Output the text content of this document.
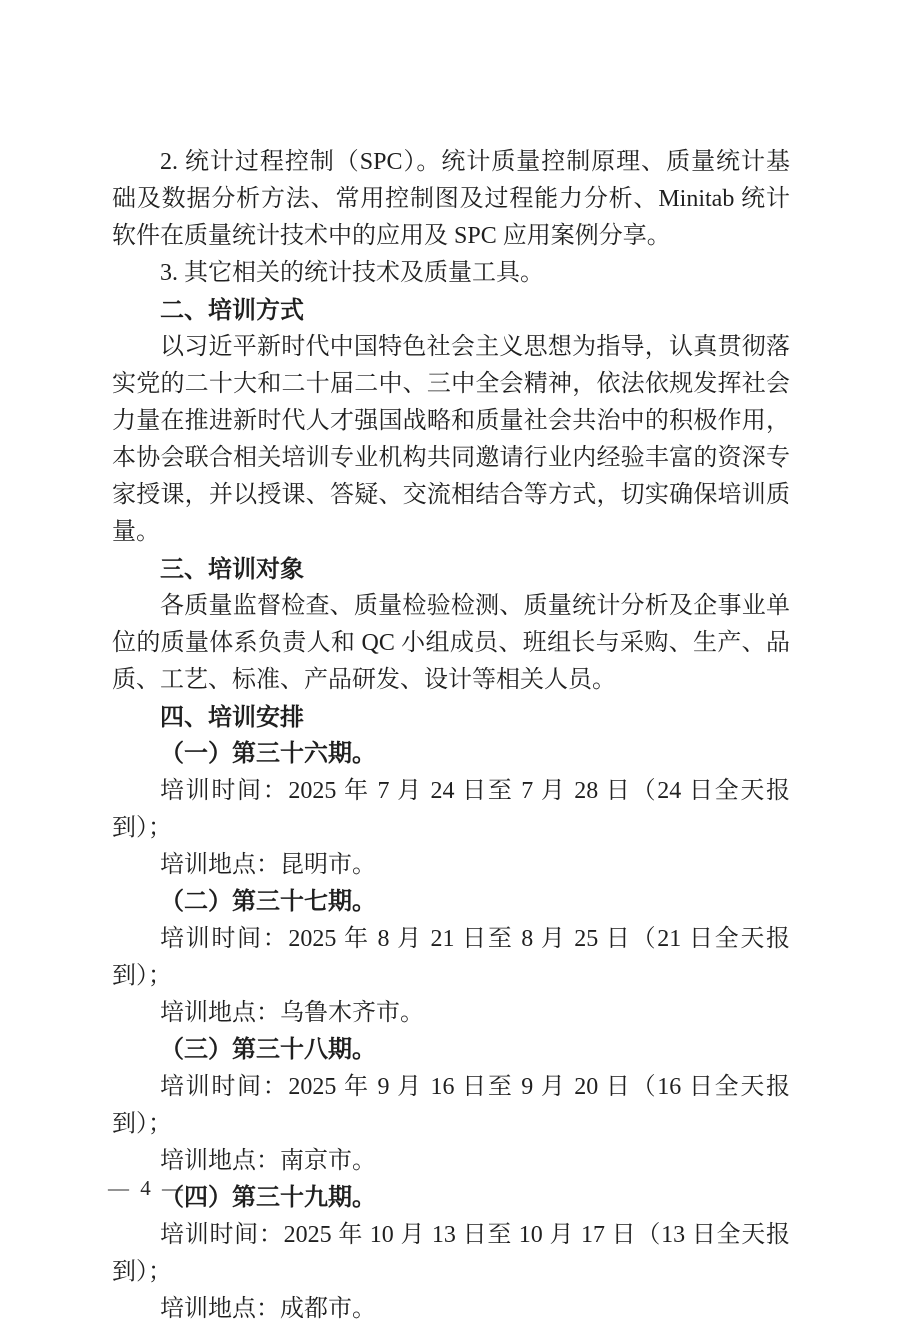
2. 统计过程控制（SPC）。统计质量控制原理、质量统计基础及数据分析方法、常用控制图及过程能力分析、Minitab 统计软件在质量统计技术中的应用及 SPC 应用案例分享。

3. 其它相关的统计技术及质量工具。

二、培训方式

以习近平新时代中国特色社会主义思想为指导，认真贯彻落实党的二十大和二十届二中、三中全会精神，依法依规发挥社会力量在推进新时代人才强国战略和质量社会共治中的积极作用，本协会联合相关培训专业机构共同邀请行业内经验丰富的资深专家授课，并以授课、答疑、交流相结合等方式，切实确保培训质量。

三、培训对象

各质量监督检查、质量检验检测、质量统计分析及企事业单位的质量体系负责人和 QC 小组成员、班组长与采购、生产、品质、工艺、标准、产品研发、设计等相关人员。

四、培训安排

（一）第三十六期。

培训时间：2025 年 7 月 24 日至 7 月 28 日（24 日全天报到）；

培训地点：昆明市。

（二）第三十七期。

培训时间：2025 年 8 月 21 日至 8 月 25 日（21 日全天报到）；

培训地点：乌鲁木齐市。

（三）第三十八期。

培训时间：2025 年 9 月 16 日至 9 月 20 日（16 日全天报到）；

培训地点：南京市。

（四）第三十九期。

培训时间：2025 年 10 月 13 日至 10 月 17 日（13 日全天报到）；

培训地点：成都市。

— 4 —
